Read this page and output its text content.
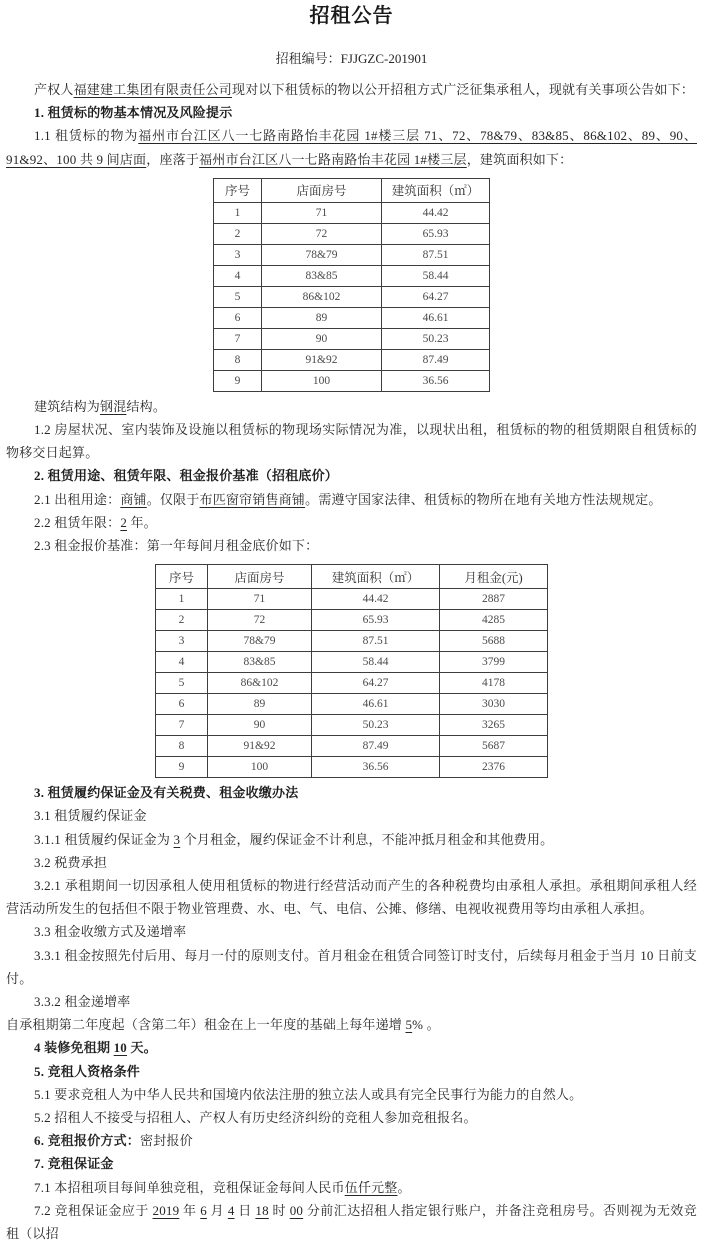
招租公告

招租编号：FJJGZC-201901

产权人福建建工集团有限责任公司现对以下租赁标的物以公开招租方式广泛征集承租人，现就有关事项公告如下：

1. 租赁标的物基本情况及风险提示

1.1 租赁标的物为福州市台江区八一七路南路怡丰花园 1#楼三层 71、72、78&79、83&85、86&102、89、90、91&92、100 共 9 间店面，座落于福州市台江区八一七路南路怡丰花园 1#楼三层，建筑面积如下：

序号	店面房号	建筑面积（㎡）
1	71	44.42
2	72	65.93
3	78&79	87.51
4	83&85	58.44
5	86&102	64.27
6	89	46.61
7	90	50.23
8	91&92	87.49
9	100	36.56

建筑结构为钢混结构。

1.2 房屋状况、室内装饰及设施以租赁标的物现场实际情况为准，以现状出租，租赁标的物的租赁期限自租赁标的物移交日起算。

2. 租赁用途、租赁年限、租金报价基准（招租底价）

2.1 出租用途：商铺。仅限于布匹窗帘销售商铺。需遵守国家法律、租赁标的物所在地有关地方性法规规定。

2.2 租赁年限：2 年。

2.3 租金报价基准：第一年每间月租金底价如下：

序号	店面房号	建筑面积（㎡）	月租金(元)
1	71	44.42	2887
2	72	65.93	4285
3	78&79	87.51	5688
4	83&85	58.44	3799
5	86&102	64.27	4178
6	89	46.61	3030
7	90	50.23	3265
8	91&92	87.49	5687
9	100	36.56	2376

3. 租赁履约保证金及有关税费、租金收缴办法

3.1 租赁履约保证金

3.1.1 租赁履约保证金为 3 个月租金，履约保证金不计利息，不能冲抵月租金和其他费用。

3.2 税费承担

3.2.1 承租期间一切因承租人使用租赁标的物进行经营活动而产生的各种税费均由承租人承担。承租期间承租人经营活动所发生的包括但不限于物业管理费、水、电、气、电信、公摊、修缮、电视收视费用等均由承租人承担。

3.3 租金收缴方式及递增率

3.3.1 租金按照先付后用、每月一付的原则支付。首月租金在租赁合同签订时支付，后续每月租金于当月 10 日前支付。

3.3.2 租金递增率

自承租期第二年度起（含第二年）租金在上一年度的基础上每年递增 5% 。

4 装修免租期 10 天。

5. 竞租人资格条件

5.1 要求竞租人为中华人民共和国境内依法注册的独立法人或具有完全民事行为能力的自然人。

5.2 招租人不接受与招租人、产权人有历史经济纠纷的竞租人参加竞租报名。

6. 竞租报价方式：密封报价

7. 竞租保证金

7.1 本招租项目每间单独竞租，竞租保证金每间人民币伍仟元整。

7.2 竞租保证金应于 2019 年 6 月 4 日 18 时 00 分前汇达招租人指定银行账户，并备注竞租房号。否则视为无效竞租（以招
